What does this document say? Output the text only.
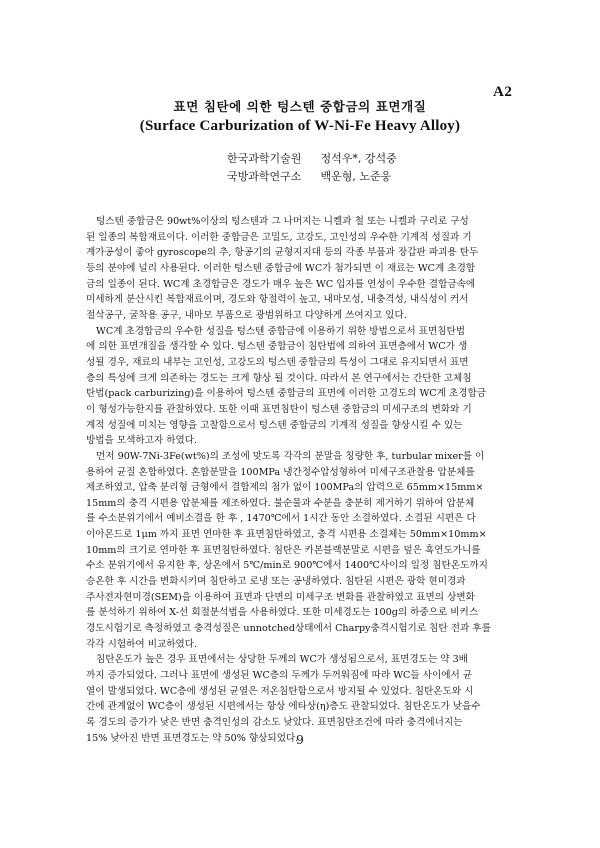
A2
표면 침탄에 의한 텅스텐 중합금의 표면개질
(Surface Carburization of W-Ni-Fe Heavy Alloy)
한국과학기술원 정석우*, 강석중
국방과학연구소 백운형, 노준웅
텅스텐 중합금은 90wt%이상의 텅스텐과 그 나머지는 니켈과 철 또는 니켈과 구리로 구성
된 일종의 복합재료이다. 이러한 중합금은 고밀도, 고강도, 고인성의 우수한 기계적 성질과 기
계가공성이 좋아 gyroscope의 추, 항공기의 균형지지대 등의 각종 부품과 장갑판 파괴용 탄두
등의 분야에 널리 사용된다. 이러한 텅스텐 중합금에 WC가 첨가되면 이 재료는 WC계 초경합
금의 일종이 된다. WC계 초경합금은 경도가 매우 높은 WC 입자를 연성이 우수한 결합금속에
미세하게 분산시킨 복합재료이며, 경도와 항절력이 높고, 내마모성, 내충격성, 내식성이 커서
절삭공구, 굴착용 공구, 내마모 부품으로 광범위하고 다양하게 쓰여지고 있다.
WC계 초경합금의 우수한 성질을 텅스텐 중합금에 이용하기 위한 방법으로서 표면침탄법
에 의한 표면개질을 생각할 수 있다. 텅스텐 중합금이 침탄법에 의하여 표면층에서 WC가 생
성될 경우, 재료의 내부는 고인성, 고강도의 텅스텐 중합금의 특성이 그대로 유지되면서 표면
층의 특성에 크게 의존하는 경도는 크게 향상 될 것이다. 따라서 본 연구에서는 간단한 고체침
탄법(pack carburizing)을 이용하여 텅스텐 중합금의 표면에 이러한 고경도의 WC계 초경합금
이 형성가능한지를 관찰하였다. 또한 이때 표면침탄이 텅스텐 중합금의 미세구조의 변화와 기
계적 성질에 미치는 영향을 고찰함으로서 텅스텐 중합금의 기계적 성질을 향상시킬 수 있는
방법을 모색하고자 하였다.
먼저 90W-7Ni-3Fe(wt%)의 조성에 맞도록 각각의 분말을 칭량한 후, turbular mixer를 이
용하여 균질 혼합하였다. 혼합분말을 100MPa 냉간정수압성형하여 미세구조관찰용 압분체를
제조하였고, 압축 분리형 금형에서 결합제의 첨가 없이 100MPa의 압력으로 65mm×15mm×
15mm의 충격 시편용 압분체를 제조하였다. 불순물과 수분을 충분히 제거하기 위하여 압분체
를 수소분위기에서 예비소결을 한 후 , 1470℃에서 1시간 동안 소결하였다. 소결된 시편은 다
이아몬드로 1μm 까지 표면 연마한 후 표면침탄하였고, 충격 시편용 소결체는 50mm×10mm×
10mm의 크기로 연마한 후 표면침탄하였다. 침탄은 카본블랙분말로 시편을 덮은 흑연도가니를
수소 분위기에서 유지한 후, 상온에서 5℃/min로 900℃에서 1400℃사이의 일정 침탄온도까지
승온한 후 시간을 변화시키며 침탄하고 로냉 또는 공냉하였다. 침탄된 시편은 광학 현미경과
주사전자현미경(SEM)을 이용하여 표면과 단면의 미세구조 변화를 관찰하였고 표면의 상변화
를 분석하기 위하여 X-선 회절분석법을 사용하였다. 또한 미세경도는 100g의 하중으로 비커스
경도시험기로 측정하였고 충격성질은 unnotched상태에서 Charpy충격시험기로 침탄 전과 후를
각각 시험하여 비교하였다.
침탄온도가 높은 경우 표면에서는 상당한 두께의 WC가 생성됨으로서, 표면경도는 약 3배
까지 증가되었다. 그러나 표면에 생성된 WC층의 두께가 두꺼워짐에 따라 WC들 사이에서 균
열이 발생되었다. WC층에 생성된 균열은 저온침탄함으로서 방지될 수 있었다. 침탄온도와 시
간에 관계없이 WC층이 생성된 시편에서는 항상 에타상(η)층도 관찰되었다. 침탄온도가 낮을수
록 경도의 증가가 낮은 반면 충격인성의 감소도 낮았다. 표면침탄조건에 따라 충격에너지는
15% 낮아진 반면 표면경도는 약 50% 향상되었다.
9
